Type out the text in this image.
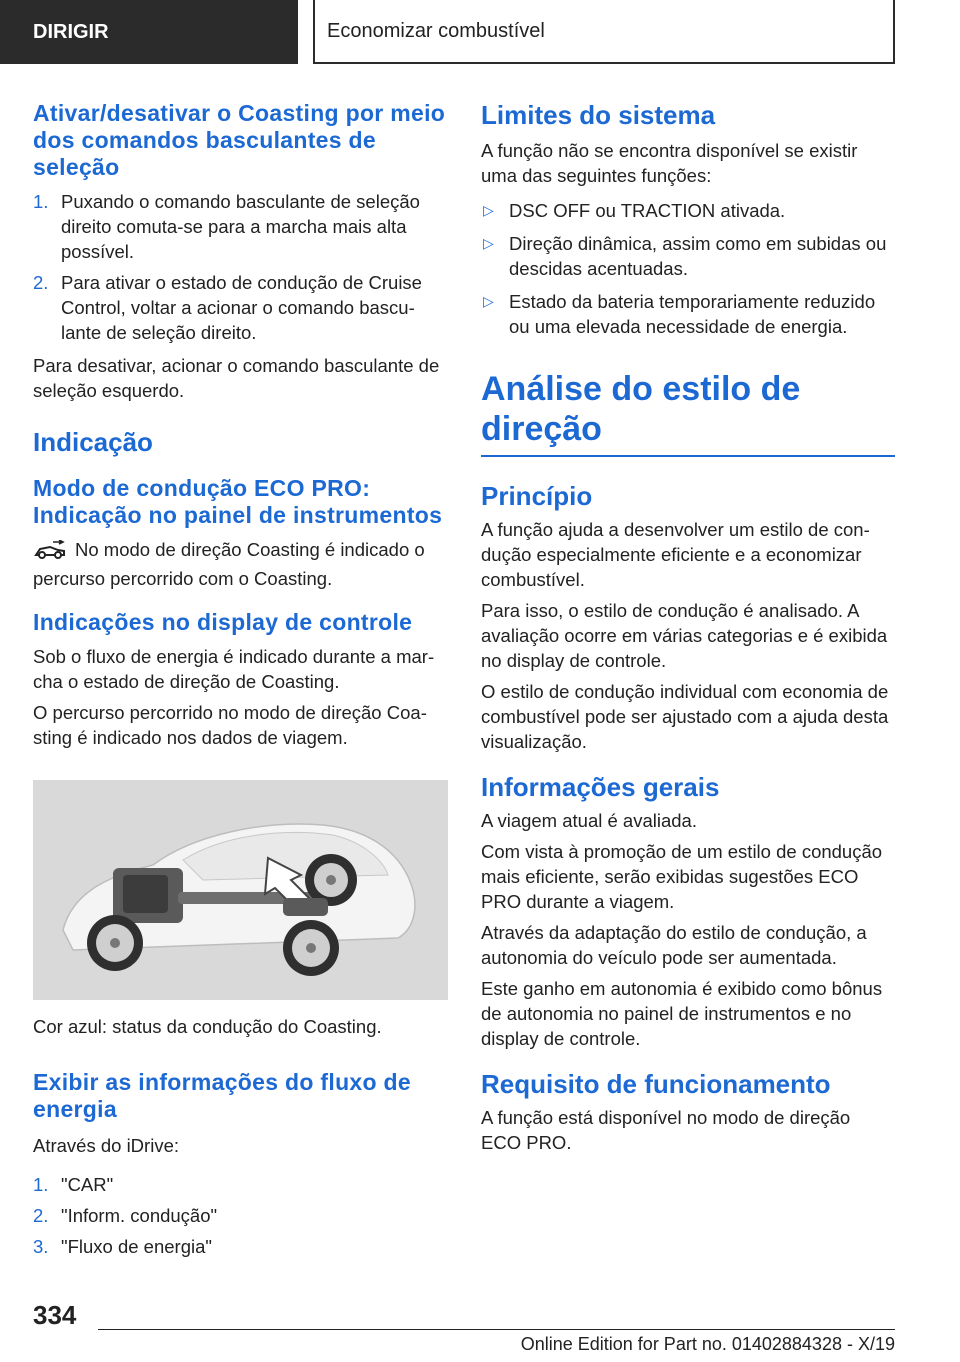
DIRIGIR	Economizar combustível
Ativar/desativar o Coasting por meio dos comandos basculantes de seleção
1. Puxando o comando basculante de seleção direito comuta-se para a marcha mais alta possível.
2. Para ativar o estado de condução de Cruise Control, voltar a acionar o comando basculante de seleção direito.

Para desativar, acionar o comando basculante de seleção esquerdo.

Indicação
Modo de condução ECO PRO: Indicação no painel de instrumentos

No modo de direção Coasting é indicado o percurso percorrido com o Coasting.

Indicações no display de controle

Sob o fluxo de energia é indicado durante a marcha o estado de direção de Coasting.

O percurso percorrido no modo de direção Coasting é indicado nos dados de viagem.

Cor azul: status da condução do Coasting.

Exibir as informações do fluxo de energia

Através do iDrive:

1. "CAR"
2. "Inform. condução"
3. "Fluxo de energia"
Limites do sistema

A função não se encontra disponível se existir uma das seguintes funções:

▷ DSC OFF ou TRACTION ativada.
▷ Direção dinâmica, assim como em subidas ou descidas acentuadas.
▷ Estado da bateria temporariamente reduzido ou uma elevada necessidade de energia.
Análise do estilo de direção
Princípio

A função ajuda a desenvolver um estilo de condução especialmente eficiente e a economizar combustível.

Para isso, o estilo de condução é analisado. A avaliação ocorre em várias categorias e é exibida no display de controle.

O estilo de condução individual com economia de combustível pode ser ajustado com a ajuda desta visualização.

Informações gerais

A viagem atual é avaliada.

Com vista à promoção de um estilo de condução mais eficiente, serão exibidas sugestões ECO PRO durante a viagem.

Através da adaptação do estilo de condução, a autonomia do veículo pode ser aumentada.

Este ganho em autonomia é exibido como bônus de autonomia no painel de instrumentos e no display de controle.

Requisito de funcionamento

A função está disponível no modo de direção ECO PRO.

334
Online Edition for Part no. 01402884328 - X/19
